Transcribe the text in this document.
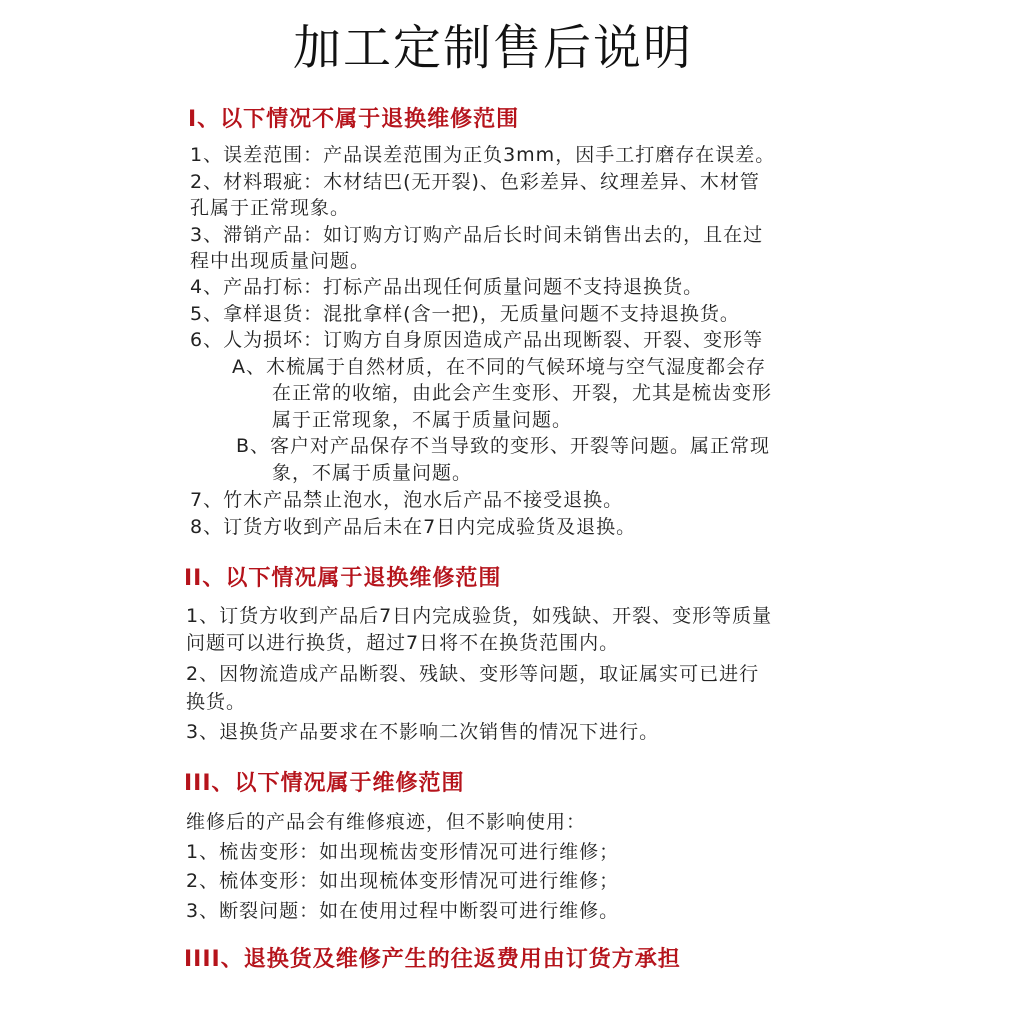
加工定制售后说明
I、以下情况不属于退换维修范围
1、误差范围：产品误差范围为正负3mm，因手工打磨存在误差。
2、材料瑕疵：木材结巴(无开裂)、色彩差异、纹理差异、木材管
孔属于正常现象。
3、滞销产品：如订购方订购产品后长时间未销售出去的，且在过
程中出现质量问题。
4、产品打标：打标产品出现任何质量问题不支持退换货。
5、拿样退货：混批拿样(含一把)，无质量问题不支持退换货。
6、人为损坏：订购方自身原因造成产品出现断裂、开裂、变形等
A、木梳属于自然材质，在不同的气候环境与空气湿度都会存
在正常的收缩，由此会产生变形、开裂，尤其是梳齿变形
属于正常现象，不属于质量问题。
B、客户对产品保存不当导致的变形、开裂等问题。属正常现
象，不属于质量问题。
7、竹木产品禁止泡水，泡水后产品不接受退换。
8、订货方收到产品后未在7日内完成验货及退换。
II、以下情况属于退换维修范围
1、订货方收到产品后7日内完成验货，如残缺、开裂、变形等质量
问题可以进行换货，超过7日将不在换货范围内。
2、因物流造成产品断裂、残缺、变形等问题，取证属实可已进行
换货。
3、退换货产品要求在不影响二次销售的情况下进行。
III、以下情况属于维修范围
维修后的产品会有维修痕迹，但不影响使用：
1、梳齿变形：如出现梳齿变形情况可进行维修；
2、梳体变形：如出现梳体变形情况可进行维修；
3、断裂问题：如在使用过程中断裂可进行维修。
IIII、退换货及维修产生的往返费用由订货方承担
